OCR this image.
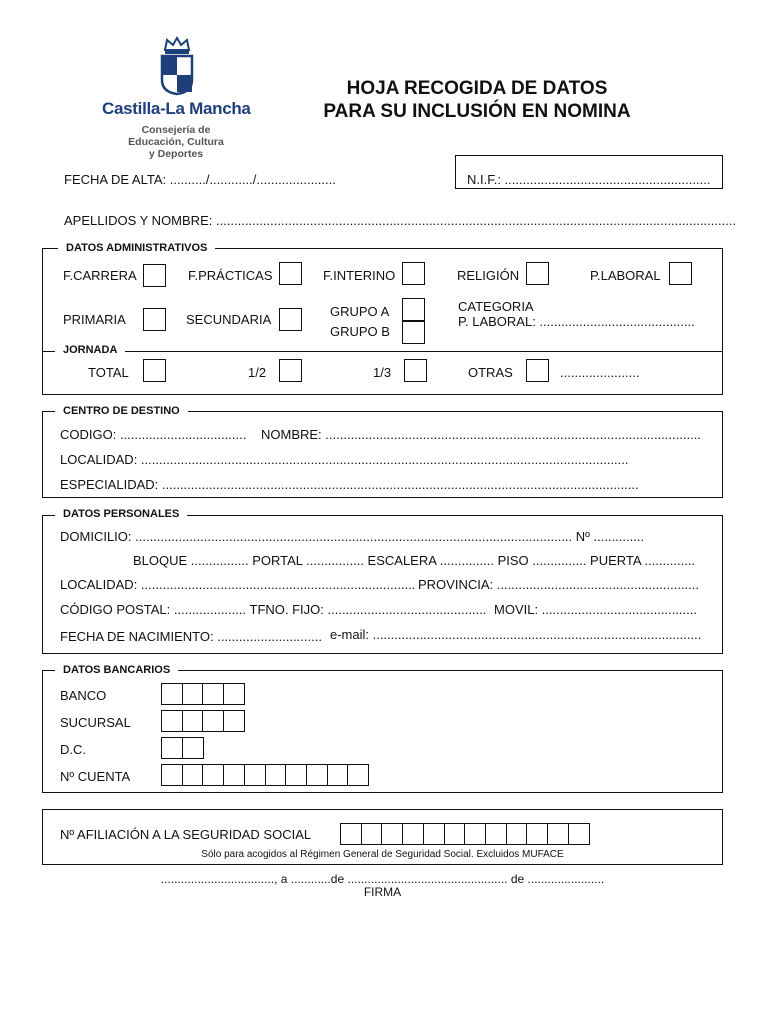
Castilla-La Mancha
Consejería de
Educación, Cultura
y Deportes
HOJA RECOGIDA DE DATOS
PARA SU INCLUSIÓN EN NOMINA
FECHA DE ALTA: ........../............/......................	N.I.F.: .........................................................
APELLIDOS Y NOMBRE: ................................................................................................................................................
DATOS ADMINISTRATIVOS
JORNADA
F.CARRERA	F.PRÁCTICAS	F.INTERINO	RELIGIÓN	P.LABORAL
PRIMARIA	SECUNDARIA
GRUPO A
GRUPO B
CATEGORIA
P. LABORAL: ...........................................
TOTAL	1/2	1/3	OTRAS	......................
CENTRO DE DESTINO
CODIGO: ................................... NOMBRE: ........................................................................................................
LOCALIDAD: .......................................................................................................................................
ESPECIALIDAD: ....................................................................................................................................
DATOS PERSONALES
DOMICILIO: ......................................................................................................................... Nº ..............
BLOQUE ................ PORTAL ................ ESCALERA ............... PISO ............... PUERTA ..............
LOCALIDAD: ............................................................................ PROVINCIA: ........................................................
CÓDIGO POSTAL: .................... TFNO. FIJO: ............................................ MOVIL: ...........................................
FECHA DE NACIMIENTO: ............................. e-mail: ...........................................................................................
DATOS BANCARIOS
BANCO
SUCURSAL
D.C.
Nº CUENTA
Nº AFILIACIÓN A LA SEGURIDAD SOCIAL
Sólo para acogidos al Régimen General de Seguridad Social. Excluidos MUFACE
.................................., a ............de ................................................ de .......................
FIRMA
